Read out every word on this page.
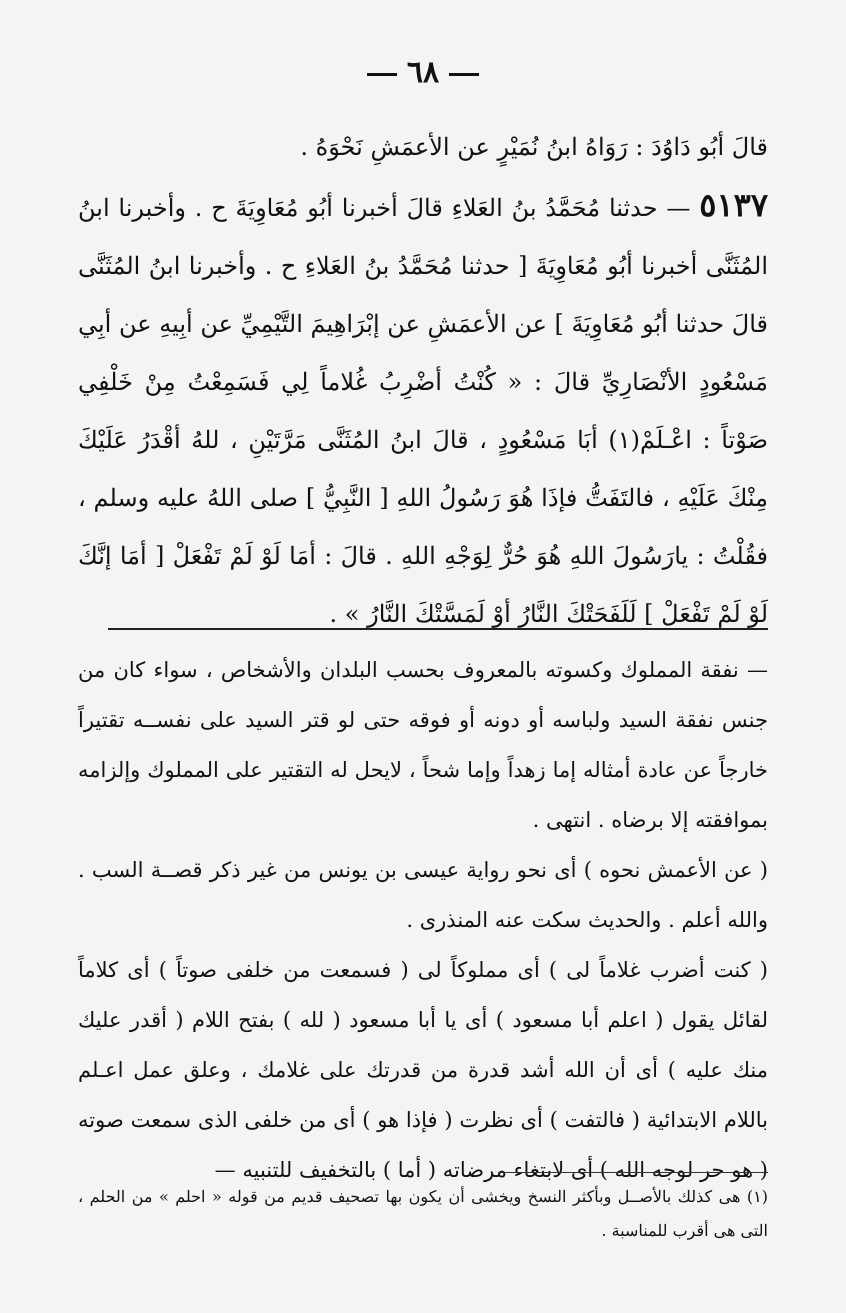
٦٨

قالَ أبُو دَاوُدَ : رَوَاهُ ابنُ نُمَيْرٍ عن الأعمَشِ نَحْوَهُ .

٥١٣٧ — حدثنا مُحَمَّدُ بنُ العَلاءِ قالَ أخبرنا أبُو مُعَاوِيَةَ ح . وأخبرنا ابنُ المُثَنَّى أخبرنا أبُو مُعَاوِيَةَ [ حدثنا مُحَمَّدُ بنُ العَلاءِ ح . وأخبرنا ابنُ المُثَنَّى قالَ حدثنا أبُو مُعَاوِيَةَ ] عن الأعمَشِ عن إبْرَاهِيمَ التَّيْمِيِّ عن أبِيهِ عن أبِي مَسْعُودٍ الأنْصَارِيِّ قالَ : « كُنْتُ أضْرِبُ غُلاماً لِي فَسَمِعْتُ مِنْ خَلْفِي صَوْتاً : اعْـلَمْ(١) أبَا مَسْعُودٍ ، قالَ ابنُ المُثَنَّى مَرَّتَيْنِ ، للهُ أقْدَرُ عَلَيْكَ مِنْكَ عَلَيْهِ ، فالتَفَتُّ فإذَا هُوَ رَسُولُ اللهِ [ النَّبِيُّ ] صلى اللهُ عليه وسلم ، فقُلْتُ : يارَسُولَ اللهِ هُوَ حُرٌّ لِوَجْهِ اللهِ . قالَ : أمَا لَوْ لَمْ تَفْعَلْ [ أمَا إنَّكَ لَوْ لَمْ تَفْعَلْ ] لَلَفَحَتْكَ النَّارُ أوْ لَمَسَّتْكَ النَّارُ » .

— نفقة المملوك وكسوته بالمعروف بحسب البلدان والأشخاص ، سواء كان من جنس نفقة السيد ولباسه أو دونه أو فوقه حتى لو قتر السيد على نفســه تقتيراً خارجاً عن عادة أمثاله إما زهداً وإما شحاً ، لايحل له التقتير على المملوك وإلزامه بموافقته إلا برضاه . انتهى .

( عن الأعمش نحوه ) أى نحو رواية عيسى بن يونس من غير ذكر قصــة السب . والله أعلم . والحديث سكت عنه المنذرى .

( كنت أضرب غلاماً لى ) أى مملوكاً لى ( فسمعت من خلفى صوتاً ) أى كلاماً لقائل يقول ( اعلم أبا مسعود ) أى يا أبا مسعود ( لله ) بفتح اللام ( أقدر عليك منك عليه ) أى أن الله أشد قدرة من قدرتك على غلامك ، وعلق عمل اعـلم باللام الابتدائية ( فالتفت ) أى نظرت ( فإذا هو ) أى من خلفى الذى سمعت صوته ( هو حر لوجه الله ) أى لابتغاء مرضاته ( أما ) بالتخفيف للتنبيه —

(١) هى كذلك بالأصــل وبأكثر النسخ ويخشى أن يكون بها تصحيف قديم من قوله « احلم » من الحلم ، التى هى أقرب للمناسبة .
